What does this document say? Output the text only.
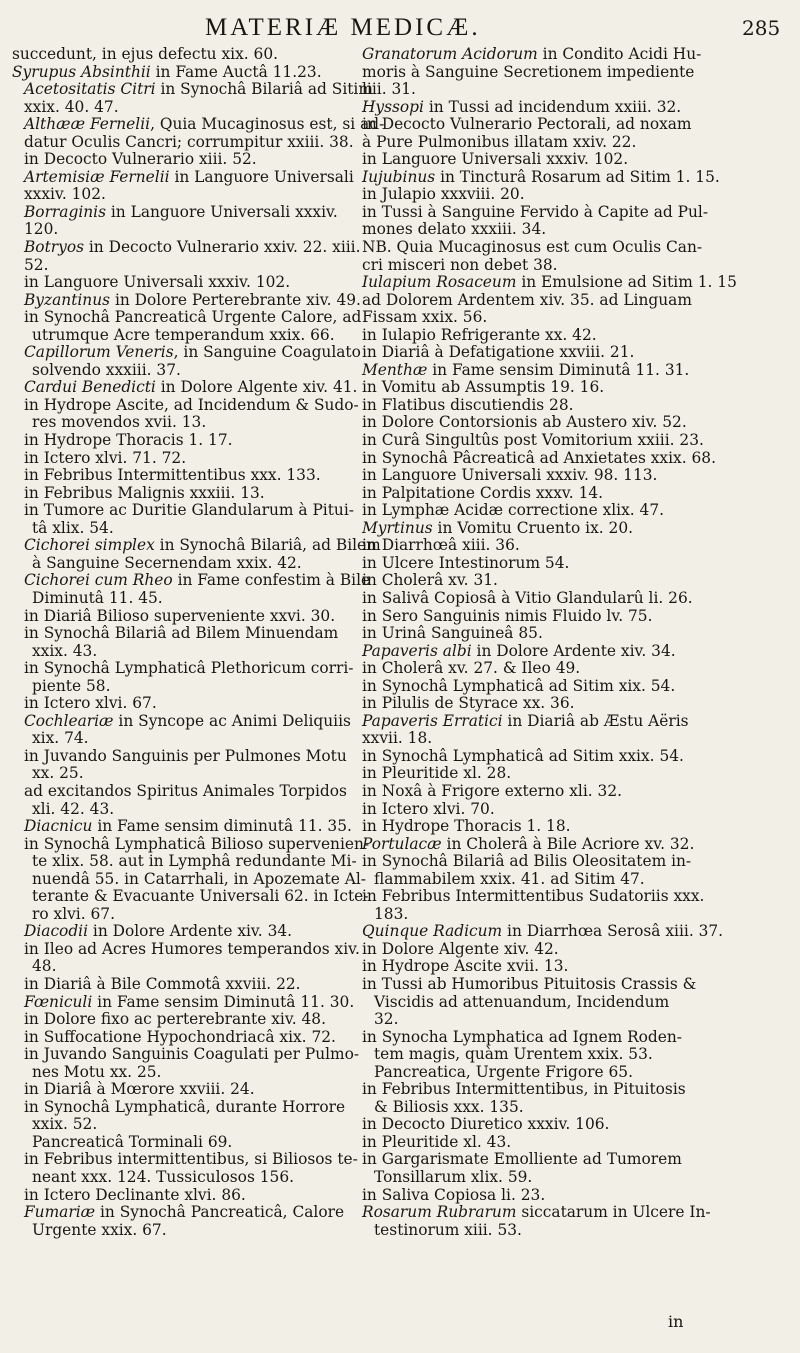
MATERIÆ MEDICÆ.	285
succedunt, in ejus defectu xix. 60.
Syrupus Absinthii in Fame Auctâ 11.23.
Acetositatis Citri in Synochâ Bilariâ ad Sitim
xxix. 40. 47.
Althææ Fernelii, Quia Mucaginosus est, si ad-
datur Oculis Cancri; corrumpitur xxiii. 38.
in Decocto Vulnerario xiii. 52.
Artemisiæ Fernelii in Languore Universali
xxxiv. 102.
Borraginis in Languore Universali xxxiv.
120.
Botryos in Decocto Vulnerario xxiv. 22. xiii.
52.
in Languore Universali xxxiv. 102.
Byzantinus in Dolore Perterebrante xiv. 49.
in Synochâ Pancreaticâ Urgente Calore, ad
utrumque Acre temperandum xxix. 66.
Capillorum Veneris, in Sanguine Coagulato
solvendo xxxiii. 37.
Cardui Benedicti in Dolore Algente xiv. 41.
in Hydrope Ascite, ad Incidendum & Sudo-
res movendos xvii. 13.
in Hydrope Thoracis 1. 17.
in Ictero xlvi. 71. 72.
in Febribus Intermittentibus xxx. 133.
in Febribus Malignis xxxiii. 13.
in Tumore ac Duritie Glandularum à Pitui-
tâ xlix. 54.
Cichorei simplex in Synochâ Bilariâ, ad Bilem
à Sanguine Secernendam xxix. 42.
Cichorei cum Rheo in Fame confestim à Bile
Diminutâ 11. 45.
in Diariâ Bilioso superveniente xxvi. 30.
in Synochâ Bilariâ ad Bilem Minuendam
xxix. 43.
in Synochâ Lymphaticâ Plethoricum corri-
piente 58.
in Ictero xlvi. 67.
Cochleariæ in Syncope ac Animi Deliquiis
xix. 74.
in Juvando Sanguinis per Pulmones Motu
xx. 25.
ad excitandos Spiritus Animales Torpidos
xli. 42. 43.
Diacnicu in Fame sensim diminutâ 11. 35.
in Synochâ Lymphaticâ Bilioso supervenien-
te xlix. 58. aut in Lymphâ redundante Mi-
nuendâ 55. in Catarrhali, in Apozemate Al-
terante & Evacuante Universali 62. in Icte-
ro xlvi. 67.
Diacodii in Dolore Ardente xiv. 34.
in Ileo ad Acres Humores temperandos xiv.
48.
in Diariâ à Bile Commotâ xxviii. 22.
Fœniculi in Fame sensim Diminutâ 11. 30.
in Dolore fixo ac perterebrante xiv. 48.
in Suffocatione Hypochondriacâ xix. 72.
in Juvando Sanguinis Coagulati per Pulmo-
nes Motu xx. 25.
in Diariâ à Mœrore xxviii. 24.
in Synochâ Lymphaticâ, durante Horrore
xxix. 52.
Pancreaticâ Torminali 69.
in Febribus intermittentibus, si Biliosos te-
neant xxx. 124. Tussiculosos 156.
in Ictero Declinante xlvi. 86.
Fumariæ in Synochâ Pancreaticâ, Calore
Urgente xxix. 67.
Granatorum Acidorum in Condito Acidi Hu-
moris à Sanguine Secretionem impediente
liii. 31.
Hyssopi in Tussi ad incidendum xxiii. 32.
in Decocto Vulnerario Pectorali, ad noxam
à Pure Pulmonibus illatam xxiv. 22.
in Languore Universali xxxiv. 102.
Iujubinus in Tincturâ Rosarum ad Sitim 1. 15.
in Julapio xxxviii. 20.
in Tussi à Sanguine Fervido à Capite ad Pul-
mones delato xxxiii. 34.
NB. Quia Mucaginosus est cum Oculis Can-
cri misceri non debet 38.
Iulapium Rosaceum in Emulsione ad Sitim 1. 15
ad Dolorem Ardentem xiv. 35. ad Linguam
Fissam xxix. 56.
in Iulapio Refrigerante xx. 42.
in Diariâ à Defatigatione xxviii. 21.
Menthæ in Fame sensim Diminutâ 11. 31.
in Vomitu ab Assumptis 19. 16.
in Flatibus discutiendis 28.
in Dolore Contorsionis ab Austero xiv. 52.
in Curâ Singultûs post Vomitorium xxiii. 23.
in Synochâ Pâcreaticâ ad Anxietates xxix. 68.
in Languore Universali xxxiv. 98. 113.
in Palpitatione Cordis xxxv. 14.
in Lymphæ Acidæ correctione xlix. 47.
Myrtinus in Vomitu Cruento ix. 20.
in Diarrhœâ xiii. 36.
in Ulcere Intestinorum 54.
in Cholerâ xv. 31.
in Salivâ Copiosâ à Vitio Glandularû li. 26.
in Sero Sanguinis nimis Fluido lv. 75.
in Urinâ Sanguineâ 85.
Papaveris albi in Dolore Ardente xiv. 34.
in Cholerâ xv. 27. & Ileo 49.
in Synochâ Lymphaticâ ad Sitim xix. 54.
in Pilulis de Styrace xx. 36.
Papaveris Erratici in Diariâ ab Æstu Aëris
xxvii. 18.
in Synochâ Lymphaticâ ad Sitim xxix. 54.
in Pleuritide xl. 28.
in Noxâ à Frigore externo xli. 32.
in Ictero xlvi. 70.
in Hydrope Thoracis 1. 18.
Portulacæ in Cholerâ à Bile Acriore xv. 32.
in Synochâ Bilariâ ad Bilis Oleositatem in-
flammabilem xxix. 41. ad Sitim 47.
in Febribus Intermittentibus Sudatoriis xxx.
183.
Quinque Radicum in Diarrhœa Serosâ xiii. 37.
in Dolore Algente xiv. 42.
in Hydrope Ascite xvii. 13.
in Tussi ab Humoribus Pituitosis Crassis &
Viscidis ad attenuandum, Incidendum
32.
in Synocha Lymphatica ad Ignem Roden-
tem magis, quàm Urentem xxix. 53.
Pancreatica, Urgente Frigore 65.
in Febribus Intermittentibus, in Pituitosis
& Biliosis xxx. 135.
in Decocto Diuretico xxxiv. 106.
in Pleuritide xl. 43.
in Gargarismate Emolliente ad Tumorem
Tonsillarum xlix. 59.
in Saliva Copiosa li. 23.
Rosarum Rubrarum siccatarum in Ulcere In-
testinorum xiii. 53.
in
